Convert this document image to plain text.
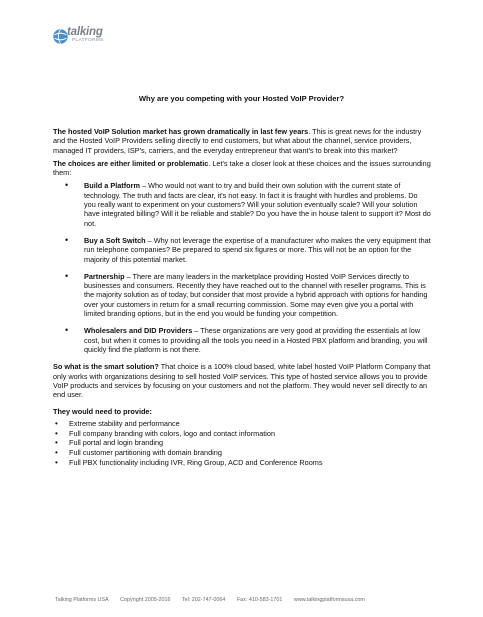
talking
PLATFORMS
Why are you competing with your Hosted VoIP Provider?

The hosted VoIP Solution market has grown dramatically in last few years. This is great news for the industry and the Hosted VoIP Providers selling directly to end customers, but what about the channel, service providers, managed IT providers, ISP's, carriers, and the everyday entrepreneur that want's to break into this market?

The choices are either limited or problematic. Let's take a closer look at these choices and the issues surrounding them:

• Build a Platform – Who would not want to try and build their own solution with the current state of technology. The truth and facts are clear, it's not easy. In fact it is fraught with hurdles and problems. Do you really want to experiment on your customers? Will your solution eventually scale? Will your solution have integrated billing? Will it be reliable and stable? Do you have the in house talent to support it? Most do not.
• Buy a Soft Switch – Why not leverage the expertise of a manufacturer who makes the very equipment that run telephone companies? Be prepared to spend six figures or more. This will not be an option for the majority of this potential market.
• Partnership – There are many leaders in the marketplace providing Hosted VoIP Services directly to businesses and consumers. Recently they have reached out to the channel with reseller programs. This is the majority solution as of today, but consider that most provide a hybrid approach with options for handing over your customers in return for a small recurring commission. Some may even give you a portal with limited branding options, but in the end you would be funding your competition.
• Wholesalers and DID Providers – These organizations are very good at providing the essentials at low cost, but when it comes to providing all the tools you need in a Hosted PBX platform and branding, you will quickly find the platform is not there.

So what is the smart solution? That choice is a 100% cloud based, white label hosted VoIP Platform Company that only works with organizations desiring to sell hosted VoIP services. This type of hosted service allows you to provide VoIP products and services by focusing on your customers and not the platform. They would never sell directly to an end user.

They would need to provide:

• Extreme stability and performance
• Full company branding with colors, logo and contact information
• Full portal and login branding
• Full customer partitioning with domain branding
• Full PBX functionality including IVR, Ring Group, ACD and Conference Rooms
Talking Platforms USA Copyright 2005-2016 Tel: 202-747-0064 Fax: 410-583-1701 www.talkingplatformsusa.com
